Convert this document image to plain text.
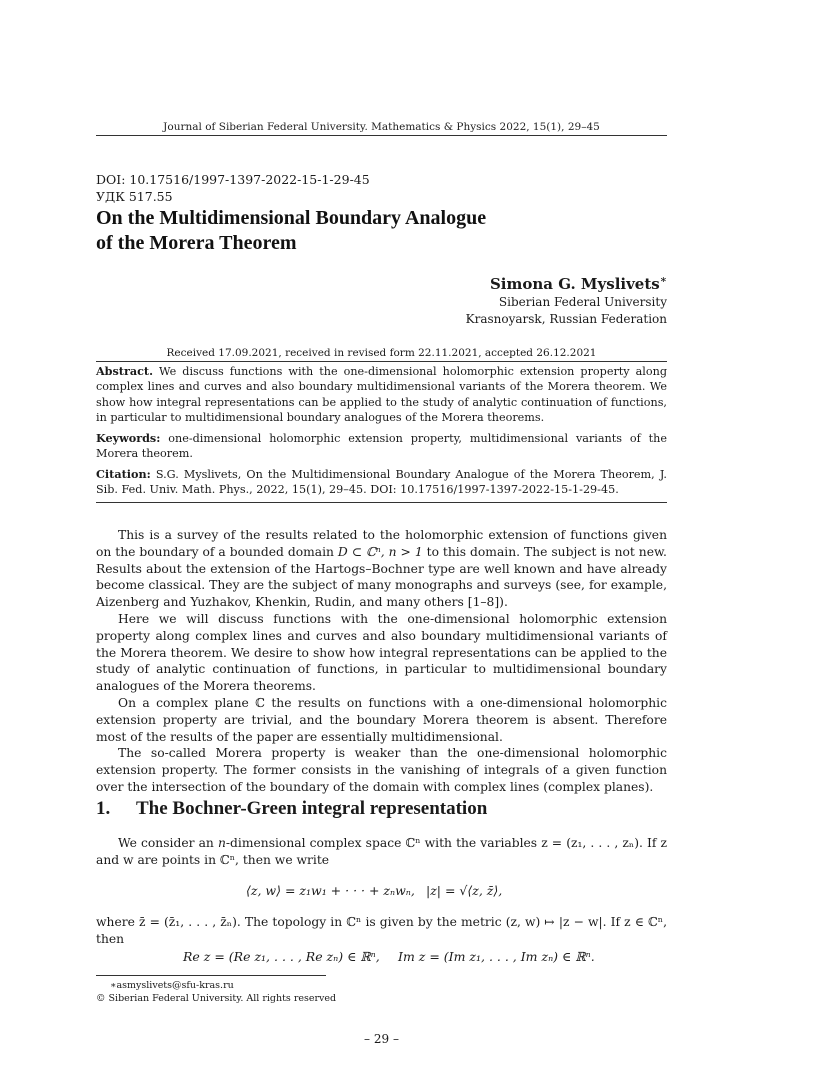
Journal of Siberian Federal University. Mathematics & Physics 2022, 15(1), 29–45
DOI: 10.17516/1997-1397-2022-15-1-29-45
УДК 517.55
On the Multidimensional Boundary Analogue
of the Morera Theorem
Simona G. Myslivets∗
Siberian Federal University
Krasnoyarsk, Russian Federation
Received 17.09.2021, received in revised form 22.11.2021, accepted 26.12.2021
Abstract. We discuss functions with the one-dimensional holomorphic extension property along complex lines and curves and also boundary multidimensional variants of the Morera theorem. We show how integral representations can be applied to the study of analytic continuation of functions, in particular to multidimensional boundary analogues of the Morera theorems.
Keywords: one-dimensional holomorphic extension property, multidimensional variants of the Morera theorem.
Citation: S.G. Myslivets, On the Multidimensional Boundary Analogue of the Morera Theorem, J. Sib. Fed. Univ. Math. Phys., 2022, 15(1), 29–45. DOI: 10.17516/1997-1397-2022-15-1-29-45.

This is a survey of the results related to the holomorphic extension of functions given on the boundary of a bounded domain D ⊂ ℂⁿ, n > 1 to this domain. The subject is not new. Results about the extension of the Hartogs–Bochner type are well known and have already become classical. They are the subject of many monographs and surveys (see, for example, Aizenberg and Yuzhakov, Khenkin, Rudin, and many others [1–8]).

Here we will discuss functions with the one-dimensional holomorphic extension property along complex lines and curves and also boundary multidimensional variants of the Morera theorem. We desire to show how integral representations can be applied to the study of analytic continuation of functions, in particular to multidimensional boundary analogues of the Morera theorems.

On a complex plane ℂ the results on functions with a one-dimensional holomorphic extension property are trivial, and the boundary Morera theorem is absent. Therefore most of the results of the paper are essentially multidimensional.

The so-called Morera property is weaker than the one-dimensional holomorphic extension property. The former consists in the vanishing of integrals of a given function over the intersection of the boundary of the domain with complex lines (complex planes).

1. The Bochner-Green integral representation

We consider an n-dimensional complex space ℂⁿ with the variables z = (z₁, . . . , zₙ). If z and w are points in ℂⁿ, then we write

⟨z, w⟩ = z₁w₁ + · · · + zₙwₙ, |z| = √⟨z, z̄⟩,

where z̄ = (z̄₁, . . . , z̄ₙ). The topology in ℂⁿ is given by the metric (z, w) ↦ |z − w|. If z ∈ ℂⁿ, then

Re z = (Re z₁, . . . , Re zₙ) ∈ ℝⁿ, Im z = (Im z₁, . . . , Im zₙ) ∈ ℝⁿ.
∗asmyslivets@sfu-kras.ru
© Siberian Federal University. All rights reserved
– 29 –
